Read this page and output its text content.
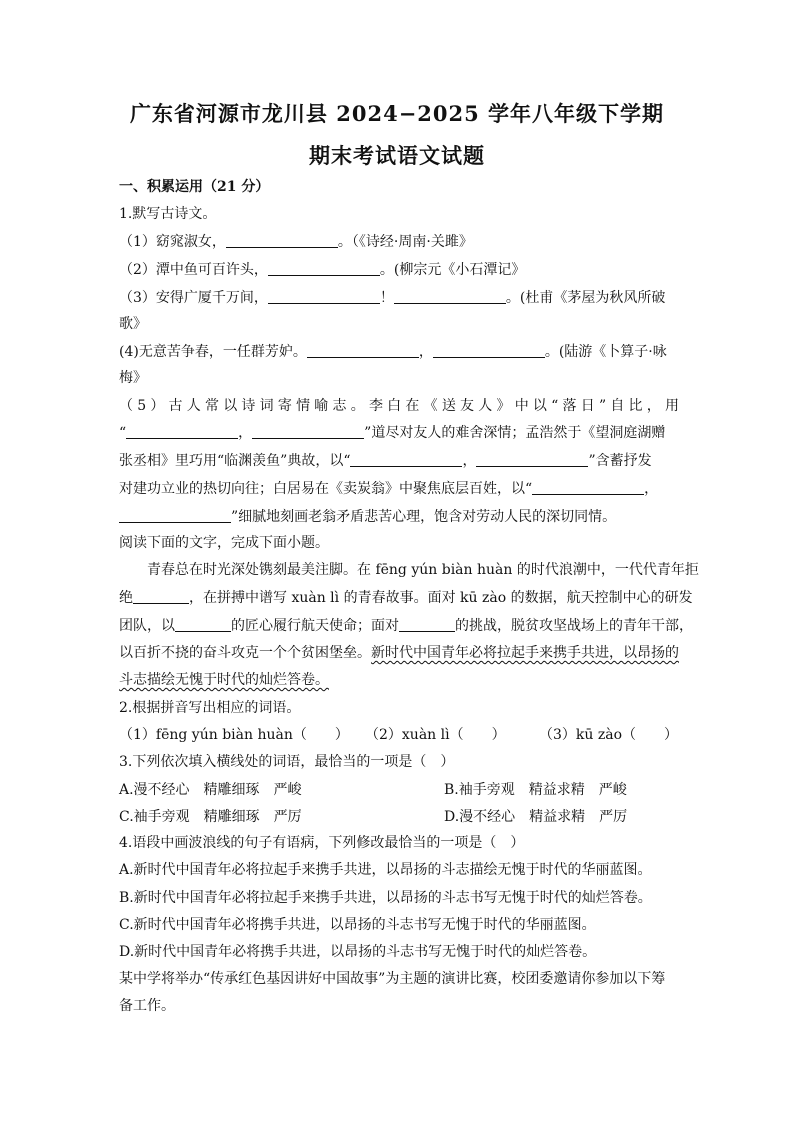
广东省河源市龙川县 2024−2025 学年八年级下学期
期末考试语文试题
一、积累运用（21 分）
1.默写古诗文。
（1）窈窕淑女，	。（《诗经·周南·关雎》
（2）潭中鱼可百许头，	。(柳宗元《小石潭记》
（3）安得广厦千万间，	！	。(杜甫《茅屋为秋风所破
歌》
(4)无意苦争春，一任群芳妒。	，	。(陆游《卜算子·咏
梅》
（5）古人常以诗词寄情喻志。李白在《送友人》中以“落日”自比，用
“	，	”道尽对友人的难舍深情；孟浩然于《望洞庭湖赠
张丞相》里巧用“临渊羡鱼”典故，以“	，	”含蓄抒发
对建功立业的热切向往；白居易在《卖炭翁》中聚焦底层百姓，以“	，
”细腻地刻画老翁矛盾悲苦心理，饱含对劳动人民的深切同情。
阅读下面的文字，完成下面小题。
青春总在时光深处镌刻最美注脚。在 fēng yún biàn huàn 的时代浪潮中，一代代青年拒
绝	，在拼搏中谱写 xuàn lì 的青春故事。面对 kū zào 的数据，航天控制中心的研发
团队，以	的匠心履行航天使命；面对	的挑战，脱贫攻坚战场上的青年干部，
以百折不挠的奋斗攻克一个个贫困堡垒。新时代中国青年必将拉起手来携手共进，以昂扬的
斗志描绘无愧于时代的灿烂答卷。
2.根据拼音写出相应的词语。
（1）fēng yún biàn huàn（　　） （2）xuàn lì（　　） （3）kū zào（　　）
3.下列依次填入横线处的词语，最恰当的一项是（　）
A.漫不经心　精雕细琢　严峻	B.袖手旁观　精益求精　严峻
C.袖手旁观　精雕细琢　严厉	D.漫不经心　精益求精　严厉
4.语段中画波浪线的句子有语病，下列修改最恰当的一项是（　）
A.新时代中国青年必将拉起手来携手共进，以昂扬的斗志描绘无愧于时代的华丽蓝图。
B.新时代中国青年必将拉起手来携手共进，以昂扬的斗志书写无愧于时代的灿烂答卷。
C.新时代中国青年必将携手共进，以昂扬的斗志书写无愧于时代的华丽蓝图。
D.新时代中国青年必将携手共进，以昂扬的斗志书写无愧于时代的灿烂答卷。
某中学将举办“传承红色基因讲好中国故事”为主题的演讲比赛，校团委邀请你参加以下筹
备工作。
